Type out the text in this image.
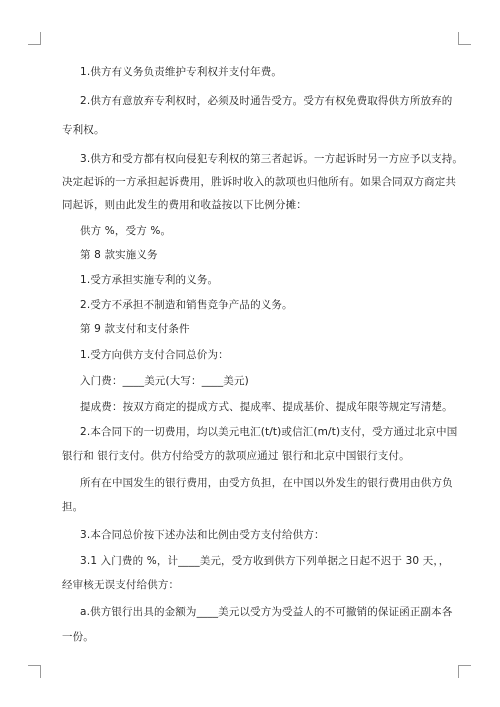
1.供方有义务负责维护专利权并支付年费。
2.供方有意放弃专利权时，必须及时通告受方。受方有权免费取得供方所放弃的
专利权。
3.供方和受方都有权向侵犯专利权的第三者起诉。一方起诉时另一方应予以支持。
决定起诉的一方承担起诉费用，胜诉时收入的款项也归他所有。如果合同双方商定共
同起诉，则由此发生的费用和收益按以下比例分摊：
供方 %，受方 %。
第 8 款实施义务
1.受方承担实施专利的义务。
2.受方不承担不制造和销售竞争产品的义务。
第 9 款支付和支付条件
1.受方向供方支付合同总价为：
入门费：____美元(大写：____美元)
提成费：按双方商定的提成方式、提成率、提成基价、提成年限等规定写清楚。
2.本合同下的一切费用，均以美元电汇(t/t)或信汇(m/t)支付，受方通过北京中国
银行和 银行支付。供方付给受方的款项应通过 银行和北京中国银行支付。
所有在中国发生的银行费用，由受方负担，在中国以外发生的银行费用由供方负
担。
3.本合同总价按下述办法和比例由受方支付给供方：
3.1 入门费的 %，计____美元，受方收到供方下列单据之日起不迟于 30 天，，
经审核无误支付给供方：
a.供方银行出具的金额为____美元以受方为受益人的不可撤销的保证函正副本各
一份。
